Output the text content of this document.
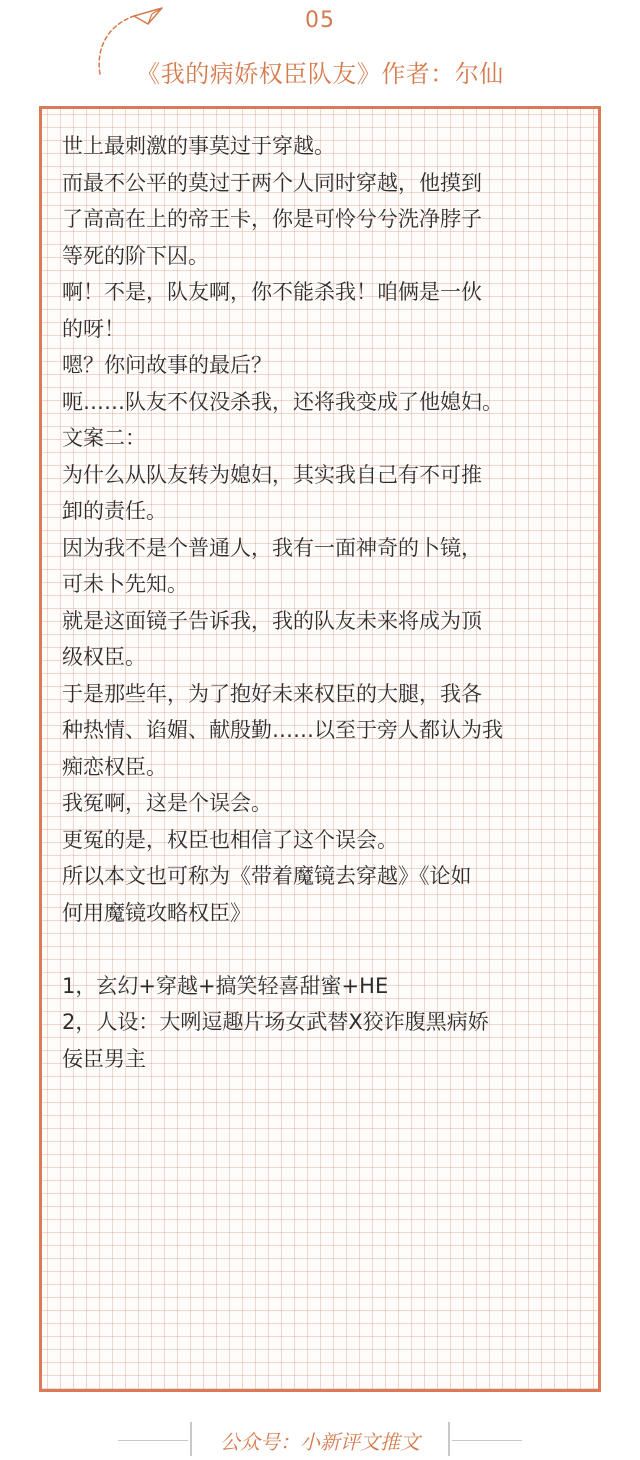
05
《我的病娇权臣队友》作者：尔仙

世上最刺激的事莫过于穿越。

而最不公平的莫过于两个人同时穿越，他摸到

了高高在上的帝王卡，你是可怜兮兮洗净脖子

等死的阶下囚。

啊！不是，队友啊，你不能杀我！咱俩是一伙

的呀！

嗯？你问故事的最后？

呃……队友不仅没杀我，还将我变成了他媳妇。

文案二：

为什么从队友转为媳妇，其实我自己有不可推

卸的责任。

因为我不是个普通人，我有一面神奇的卜镜，

可未卜先知。

就是这面镜子告诉我，我的队友未来将成为顶

级权臣。

于是那些年，为了抱好未来权臣的大腿，我各

种热情、谄媚、献殷勤……以至于旁人都认为我

痴恋权臣。

我冤啊，这是个误会。

更冤的是，权臣也相信了这个误会。

所以本文也可称为《带着魔镜去穿越》《论如

何用魔镜攻略权臣》

1，玄幻+穿越+搞笑轻喜甜蜜+HE

2，人设：大咧逗趣片场女武替X狡诈腹黑病娇

佞臣男主

公众号：小新评文推文
